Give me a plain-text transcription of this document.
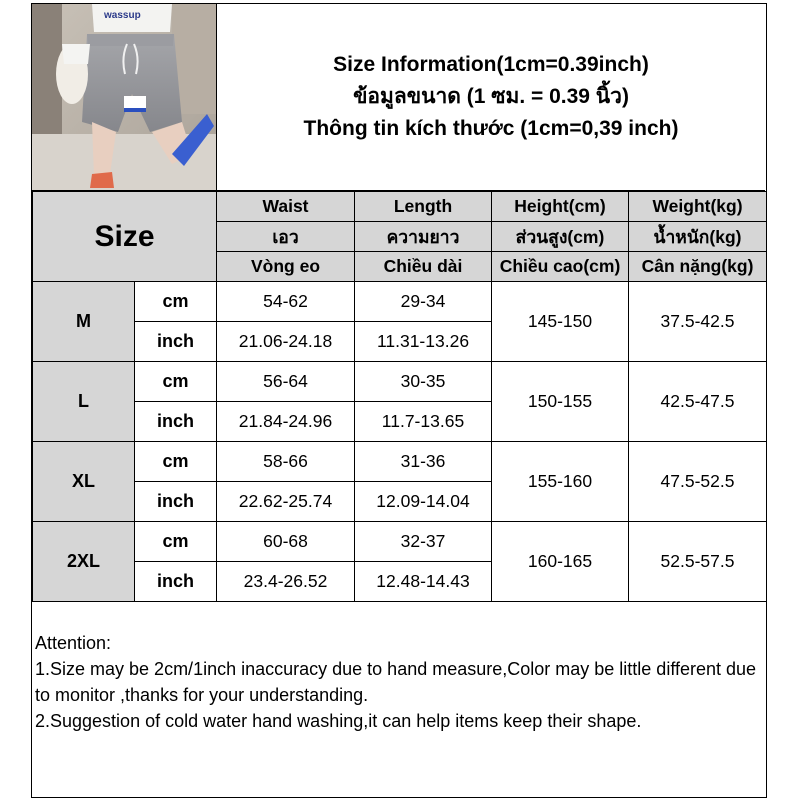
wassup
Size Information(1cm=0.39inch)
ข้อมูลขนาด (1 ซม. = 0.39 นิ้ว)
Thông tin kích thước (1cm=0,39 inch)
Size		Waist	Length	Height(cm)	Weight(kg)
		เอว	ความยาว	ส่วนสูง(cm)	น้ำหนัก(kg)
		Vòng eo	Chiều dài	Chiều cao(cm)	Cân nặng(kg)
M	cm	54-62	29-34	145-150	37.5-42.5
	inch	21.06-24.18	11.31-13.26		
L	cm	56-64	30-35	150-155	42.5-47.5
	inch	21.84-24.96	11.7-13.65		
XL	cm	58-66	31-36	155-160	47.5-52.5
	inch	22.62-25.74	12.09-14.04		
2XL	cm	60-68	32-37	160-165	52.5-57.5
	inch	23.4-26.52	12.48-14.43		

Attention:

1.Size may be 2cm/1inch inaccuracy due to hand measure,Color may be little different due to monitor ,thanks for your understanding.

2.Suggestion of cold water hand washing,it can help items keep their shape.
